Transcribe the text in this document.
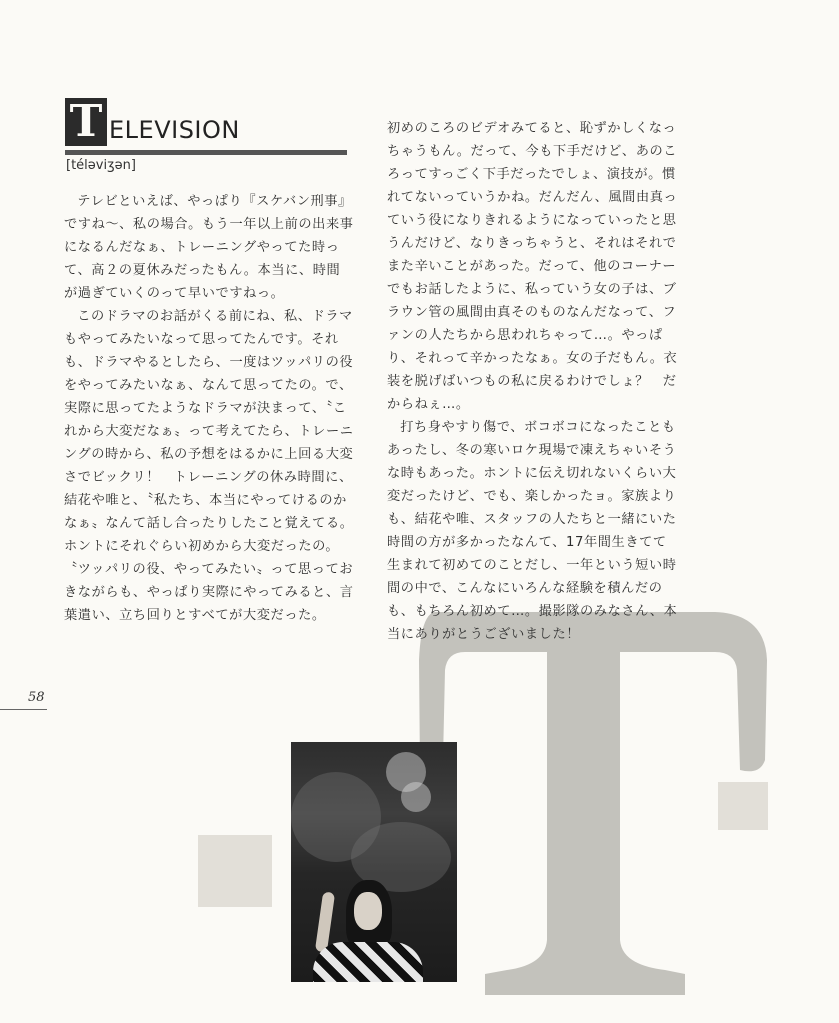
T ELEVISION
[téləviʒən]

テレビといえば、やっぱり『スケバン刑事』ですね〜、私の場合。もう一年以上前の出来事になるんだなぁ、トレーニングやってた時って、高２の夏休みだったもん。本当に、時間が過ぎていくのって早いですねっ。

このドラマのお話がくる前にね、私、ドラマもやってみたいなって思ってたんです。それも、ドラマやるとしたら、一度はツッパリの役をやってみたいなぁ、なんて思ってたの。で、実際に思ってたようなドラマが決まって、〝これから大変だなぁ〟って考えてたら、トレーニングの時から、私の予想をはるかに上回る大変さでビックリ！　トレーニングの休み時間に、結花や唯と、〝私たち、本当にやってけるのかなぁ〟なんて話し合ったりしたこと覚えてる。ホントにそれぐらい初めから大変だったの。

〝ツッパリの役、やってみたい〟って思っておきながらも、やっぱり実際にやってみると、言葉遣い、立ち回りとすべてが大変だった。

初めのころのビデオみてると、恥ずかしくなっちゃうもん。だって、今も下手だけど、あのころってすっごく下手だったでしょ、演技が。慣れてないっていうかね。だんだん、風間由真っていう役になりきれるようになっていったと思うんだけど、なりきっちゃうと、それはそれでまた辛いことがあった。だって、他のコーナーでもお話したように、私っていう女の子は、ブラウン管の風間由真そのものなんだなって、ファンの人たちから思われちゃって…。やっぱり、それって辛かったなぁ。女の子だもん。衣装を脱げばいつもの私に戻るわけでしょ？　だからねぇ…。

打ち身やすり傷で、ボコボコになったこともあったし、冬の寒いロケ現場で凍えちゃいそうな時もあった。ホントに伝え切れないくらい大変だったけど、でも、楽しかったョ。家族よりも、結花や唯、スタッフの人たちと一緒にいた時間の方が多かったなんて、17年間生きてて生まれて初めてのことだし、一年という短い時間の中で、こんなにいろんな経験を積んだのも、もちろん初めて…。撮影隊のみなさん、本当にありがとうございました！

58
